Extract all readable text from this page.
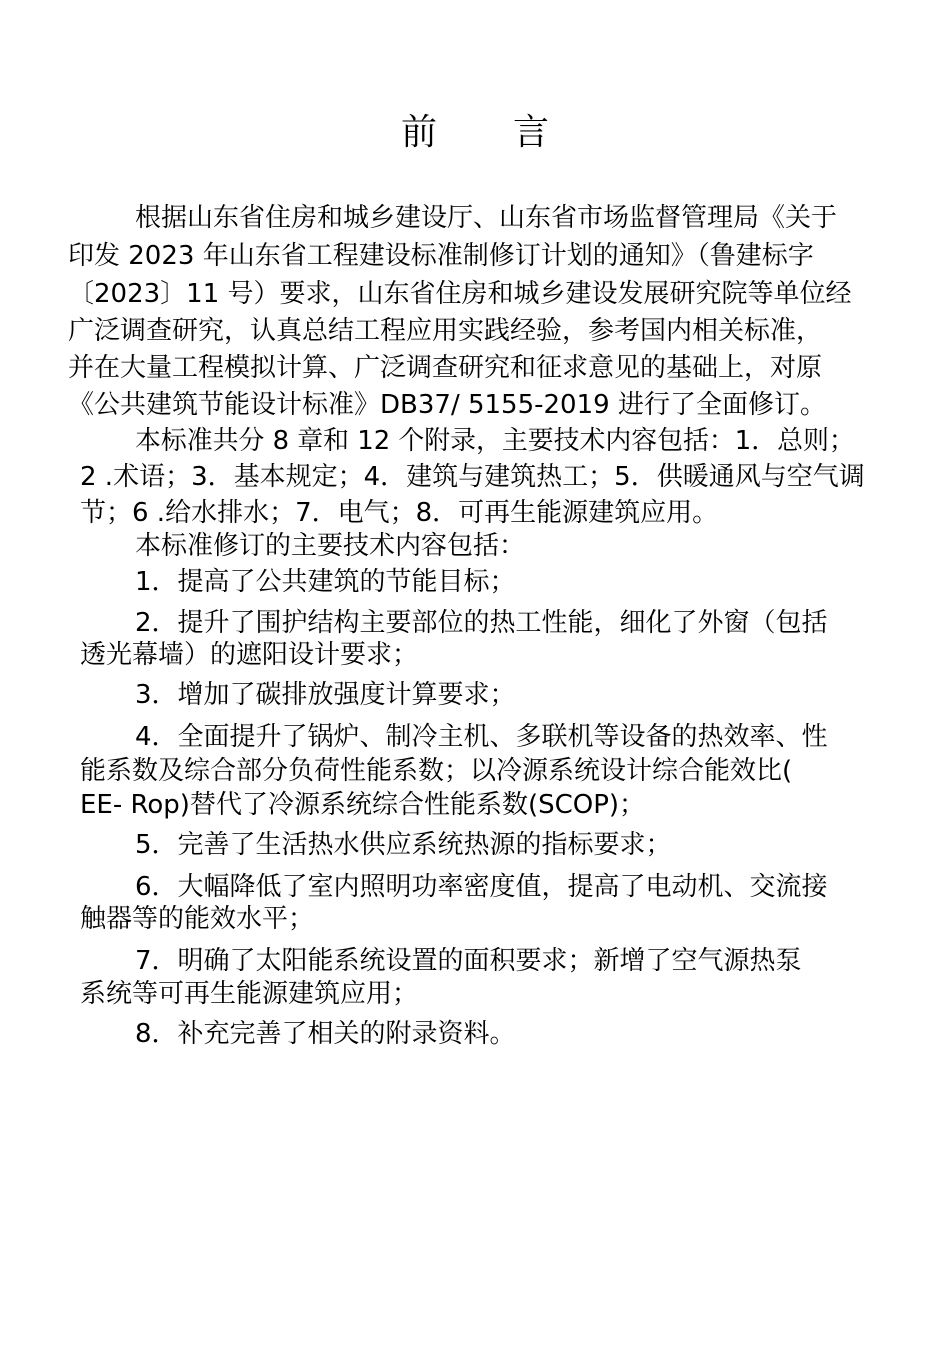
前言
根据山东省住房和城乡建设厅、山东省市场监督管理局《关于
印发 2023 年山东省工程建设标准制修订计划的通知》（鲁建标字
〔2023〕11 号）要求，山东省住房和城乡建设发展研究院等单位经
广泛调查研究，认真总结工程应用实践经验，参考国内相关标准，
并在大量工程模拟计算、广泛调查研究和征求意见的基础上，对原
《公共建筑节能设计标准》DB37/ 5155-2019 进行了全面修订。
本标准共分 8 章和 12 个附录，主要技术内容包括：1．总则；
2 .术语；3．基本规定；4．建筑与建筑热工；5．供暖通风与空气调
节；6 .给水排水；7．电气；8．可再生能源建筑应用。
本标准修订的主要技术内容包括：
1．提高了公共建筑的节能目标；
2．提升了围护结构主要部位的热工性能，细化了外窗（包括
透光幕墙）的遮阳设计要求；
3．增加了碳排放强度计算要求；
4．全面提升了锅炉、制冷主机、多联机等设备的热效率、性
能系数及综合部分负荷性能系数；以冷源系统设计综合能效比(
EE- Rop)替代了冷源系统综合性能系数(SCOP)；
5．完善了生活热水供应系统热源的指标要求；
6．大幅降低了室内照明功率密度值，提高了电动机、交流接
触器等的能效水平；
7．明确了太阳能系统设置的面积要求；新增了空气源热泵
系统等可再生能源建筑应用；
8．补充完善了相关的附录资料。
